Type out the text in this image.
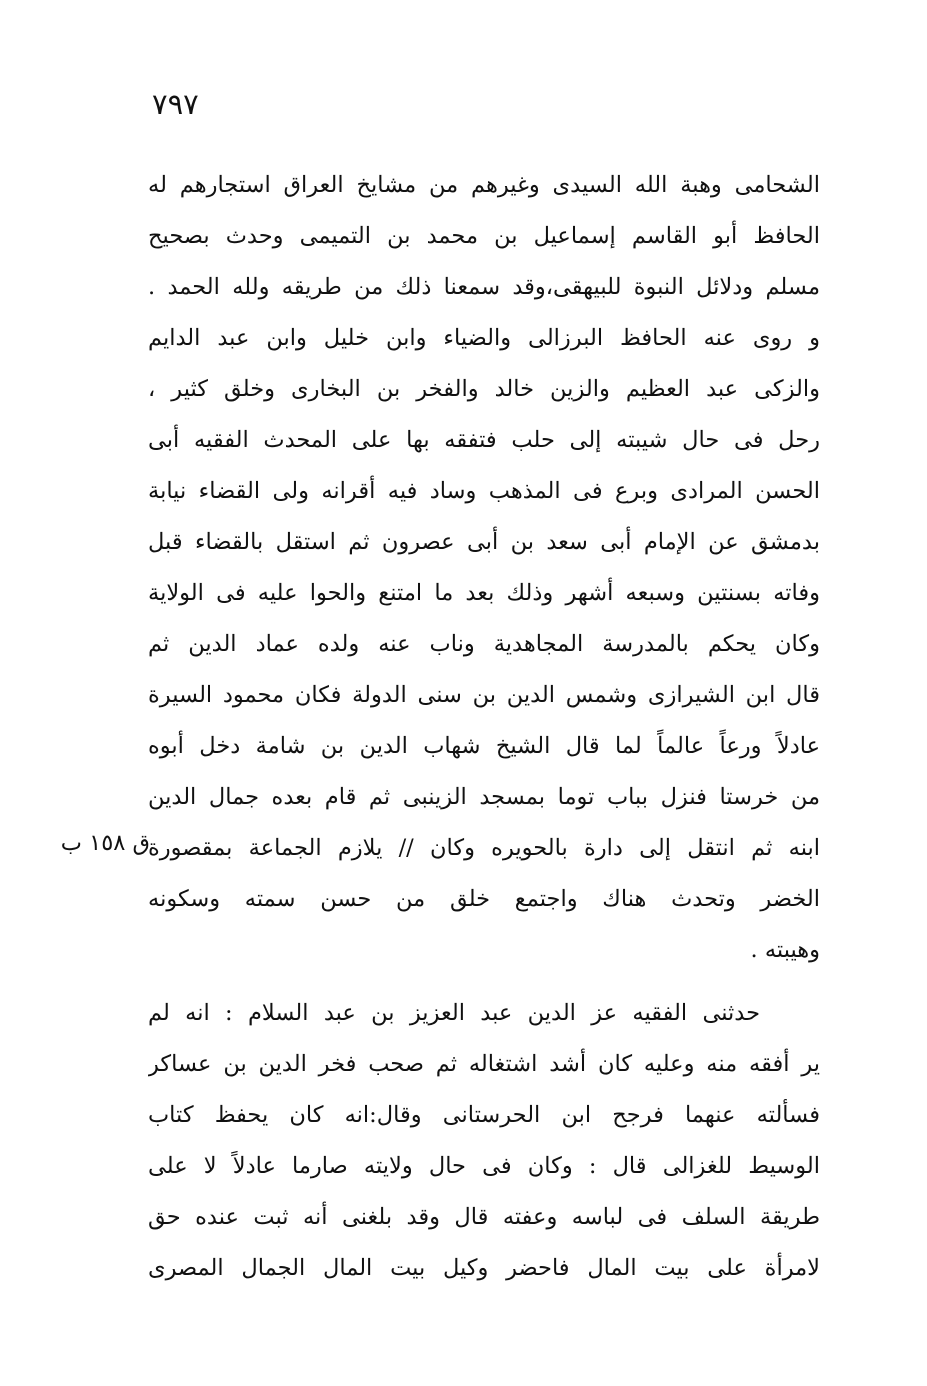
٧٩٧
الشحامى وهبة الله السيدى وغيرهم من مشايخ العراق استجارهم له
الحافظ أبو القاسم إسماعيل بن محمد بن التميمى وحدث بصحيح
مسلم ودلائل النبوة للبيهقى،وقد سمعنا ذلك من طريقه ولله الحمد .
و روى عنه الحافظ البرزالى والضياء وابن خليل وابن عبد الدايم
والزكى عبد العظيم والزين خالد والفخر بن البخارى وخلق كثير ،
رحل فى حال شيبته إلى حلب فتفقه بها على المحدث الفقيه أبى
الحسن المرادى وبرع فى المذهب وساد فيه أقرانه ولى القضاء نيابة
بدمشق عن الإمام أبى سعد بن أبى عصرون ثم استقل بالقضاء قبل
وفاته بسنتين وسبعه أشهر وذلك بعد ما امتنع والحوا عليه فى الولاية
وكان يحكم بالمدرسة المجاهدية وناب عنه ولده عماد الدين ثم
قال ابن الشيرازى وشمس الدين بن سنى الدولة فكان محمود السيرة
عادلاً ورعاً عالماً لما قال الشيخ شهاب الدين بن شامة دخل أبوه
من خرستا فنزل بباب توما بمسجد الزينبى ثم قام بعده جمال الدين
ابنه ثم انتقل إلى دارة بالحويره وكان // يلازم الجماعة بمقصورة
الخضر وتحدث هناك واجتمع خلق من حسن سمته وسكونه
وهيبته .
ق ١٥٨ ب
حدثنى الفقيه عز الدين عبد العزيز بن عبد السلام : انه لم
ير أفقه منه وعليه كان أشد اشتغاله ثم صحب فخر الدين بن عساكر
فسألته عنهما فرجح ابن الحرستانى وقال:انه كان يحفظ كتاب
الوسيط للغزالى قال : وكان فى حال ولايته صارما عادلاً لا على
طريقة السلف فى لباسه وعفته قال وقد بلغنى أنه ثبت عنده حق
لامرأة على بيت المال فاحضر وكيل بيت المال الجمال المصرى
